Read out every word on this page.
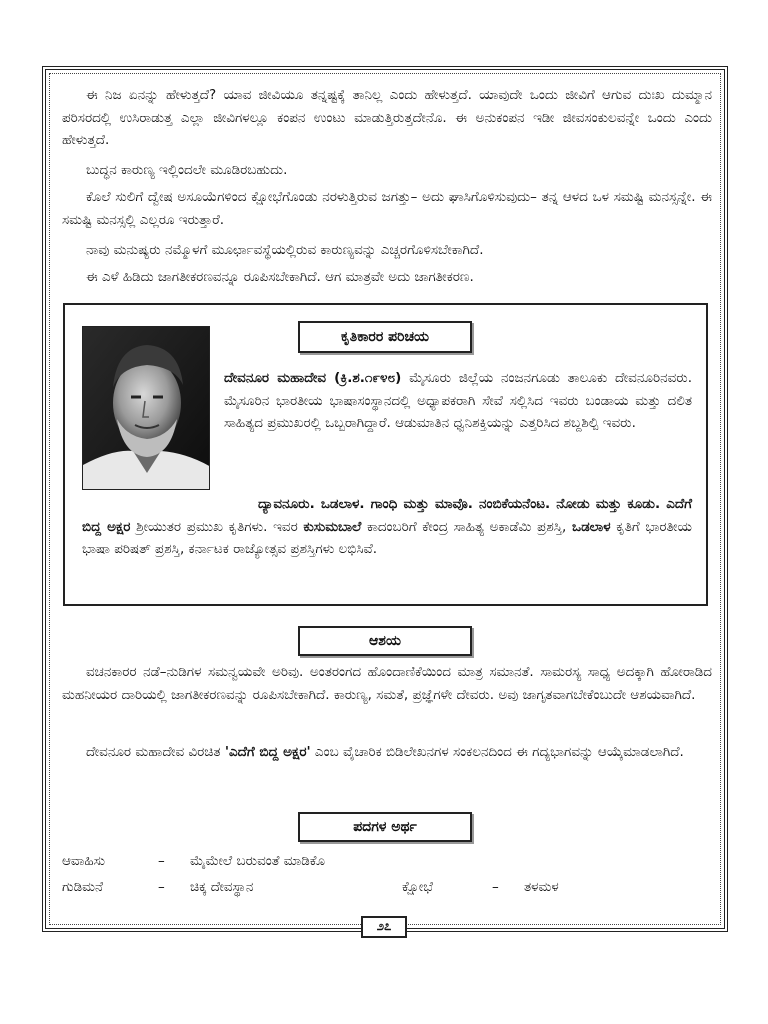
ಈ ನಿಜ ಏನನ್ನು ಹೇಳುತ್ತದೆ? ಯಾವ ಜೀವಿಯೂ ತನ್ನಷ್ಟಕ್ಕೆ ತಾನಿಲ್ಲ ಎಂದು ಹೇಳುತ್ತದೆ. ಯಾವುದೇ ಒಂದು ಜೀವಿಗೆ ಆಗುವ ದುಃಖ ದುಮ್ಮಾನ ಪರಿಸರದಲ್ಲಿ ಉಸಿರಾಡುತ್ತ ಎಲ್ಲಾ ಜೀವಿಗಳಲ್ಲೂ ಕಂಪನ ಉಂಟು ಮಾಡುತ್ತಿರುತ್ತದೇನೊ. ಈ ಅನುಕಂಪನ ಇಡೀ ಜೀವಸಂಕುಲವನ್ನೇ ಒಂದು ಎಂದು ಹೇಳುತ್ತದೆ.

ಬುದ್ಧನ ಕಾರುಣ್ಯ ಇಲ್ಲಿಂದಲೇ ಮೂಡಿರಬಹುದು.

ಕೊಲೆ ಸುಲಿಗೆ ದ್ವೇಷ ಅಸೂಯೆಗಳಿಂದ ಕ್ಷೋಭೆಗೊಂಡು ನರಳುತ್ತಿರುವ ಜಗತ್ತು– ಅದು ಘಾಸಿಗೊಳಿಸುವುದು– ತನ್ನ ಆಳದ ಒಳ ಸಮಷ್ಟಿ ಮನಸ್ಸನ್ನೇ. ಈ ಸಮಷ್ಟಿ ಮನಸ್ಸಲ್ಲಿ ಎಲ್ಲರೂ ಇರುತ್ತಾರೆ.

ನಾವು ಮನುಷ್ಯರು ನಮ್ಮೊಳಗೆ ಮೂರ್ಛಾವಸ್ಥೆಯಲ್ಲಿರುವ ಕಾರುಣ್ಯವನ್ನು ಎಚ್ಚರಗೊಳಿಸಬೇಕಾಗಿದೆ.

ಈ ಎಳೆ ಹಿಡಿದು ಜಾಗತೀಕರಣವನ್ನೂ ರೂಪಿಸಬೇಕಾಗಿದೆ. ಆಗ ಮಾತ್ರವೇ ಅದು ಜಾಗತೀಕರಣ.

ಕೃತಿಕಾರರ ಪರಿಚಯ

ದೇವನೂರ ಮಹಾದೇವ (ಕ್ರಿ.ಶ.೧೯೪೮) ಮೈಸೂರು ಜಿಲ್ಲೆಯ ನಂಜನಗೂಡು ತಾಲೂಕು ದೇವನೂರಿನವರು. ಮೈಸೂರಿನ ಭಾರತೀಯ ಭಾಷಾಸಂಸ್ಥಾನದಲ್ಲಿ ಅಧ್ಯಾಪಕರಾಗಿ ಸೇವೆ ಸಲ್ಲಿಸಿದ ಇವರು ಬಂಡಾಯ ಮತ್ತು ದಲಿತ ಸಾಹಿತ್ಯದ ಪ್ರಮುಖರಲ್ಲಿ ಒಬ್ಬರಾಗಿದ್ದಾರೆ. ಆಡುಮಾತಿನ ಧ್ವನಿಶಕ್ತಿಯನ್ನು ಎತ್ತರಿಸಿದ ಶಬ್ದಶಿಲ್ಪಿ ಇವರು.

ದ್ಯಾವನೂರು. ಒಡಲಾಳ. ಗಾಂಧಿ ಮತ್ತು ಮಾವೊ. ನಂಬಿಕೆಯನೆಂಟ. ನೋಡು ಮತ್ತು ಕೂಡು. ಎದೆಗೆ ಬಿದ್ದ ಅಕ್ಷರ ಶ್ರೀಯುತರ ಪ್ರಮುಖ ಕೃತಿಗಳು. ಇವರ ಕುಸುಮಬಾಲೆ ಕಾದಂಬರಿಗೆ ಕೇಂದ್ರ ಸಾಹಿತ್ಯ ಅಕಾಡೆಮಿ ಪ್ರಶಸ್ತಿ, ಒಡಲಾಳ ಕೃತಿಗೆ ಭಾರತೀಯ ಭಾಷಾ ಪರಿಷತ್ ಪ್ರಶಸ್ತಿ, ಕರ್ನಾಟಕ ರಾಜ್ಯೋತ್ಸವ ಪ್ರಶಸ್ತಿಗಳು ಲಭಿಸಿವೆ.

ಆಶಯ

ವಚನಕಾರರ ನಡೆ–ನುಡಿಗಳ ಸಮನ್ವಯವೇ ಅರಿವು. ಅಂತರಂಗದ ಹೊಂದಾಣಿಕೆಯಿಂದ ಮಾತ್ರ ಸಮಾನತೆ. ಸಾಮರಸ್ಯ ಸಾಧ್ಯ ಅದಕ್ಕಾಗಿ ಹೋರಾಡಿದ ಮಹನೀಯರ ದಾರಿಯಲ್ಲಿ ಜಾಗತೀಕರಣವನ್ನು ರೂಪಿಸಬೇಕಾಗಿದೆ. ಕಾರುಣ್ಯ, ಸಮತೆ, ಪ್ರಜ್ಞೆಗಳೇ ದೇವರು. ಅವು ಜಾಗೃತವಾಗಬೇಕೆಂಬುದೇ ಆಶಯವಾಗಿದೆ.

ದೇವನೂರ ಮಹಾದೇವ ವಿರಚಿತ 'ಎದೆಗೆ ಬಿದ್ದ ಅಕ್ಷರ' ಎಂಬ ವೈಚಾರಿಕ ಬಿಡಿಲೇಖನಗಳ ಸಂಕಲನದಿಂದ ಈ ಗದ್ಯಭಾಗವನ್ನು ಆಯ್ಕೆಮಾಡಲಾಗಿದೆ.

ಪದಗಳ ಅರ್ಥ
ಆವಾಹಿಸು	– ಮೈಮೇಲೆ ಬರುವಂತೆ ಮಾಡಿಕೊ
ಗುಡಿಮನೆ	– ಚಿಕ್ಕ ದೇವಸ್ಥಾನ	ಕ್ಷೋಭೆ	– ತಳಮಳ
೨೭
